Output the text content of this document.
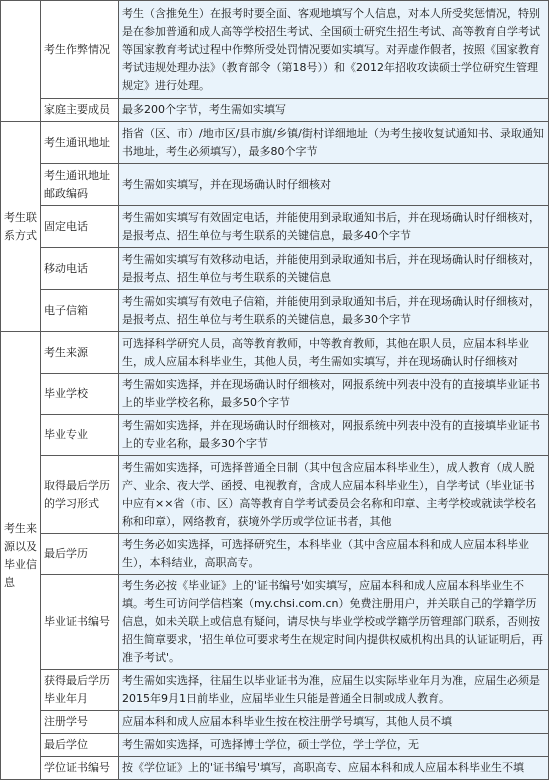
	考生作弊情况	考生（含推免生）在报考时要全面、客观地填写个人信息，对本人所受奖惩情况，特别是在参加普通和成人高等学校招生考试、全国硕士研究生招生考试、高等教育自学考试等国家教育考试过程中作弊所受处罚情况要如实填写。对弄虚作假者，按照《国家教育考试违规处理办法》（教育部令（第18号））和《2012年招收攻读硕士学位研究生管理规定》进行处理。
	家庭主要成员	最多200个字节，考生需如实填写
考生联系方式	考生通讯地址	指省（区、市）/地市区/县市旗/乡镇/街村详细地址（为考生接收复试通知书、录取通知书地址，考生必须填写），最多80个字节
	考生通讯地址邮政编码	考生需如实填写，并在现场确认时仔细核对
	固定电话	考生需如实填写有效固定电话，并能使用到录取通知书后，并在现场确认时仔细核对，是报考点、招生单位与考生联系的关键信息，最多40个字节
	移动电话	考生需如实填写有效移动电话，并能使用到录取通知书后，并在现场确认时仔细核对，是报考点、招生单位与考生联系的关键信息
	电子信箱	考生需如实填写有效电子信箱，并能使用到录取通知书后，并在现场确认时仔细核对，是报考点、招生单位与考生联系的关键信息，最多30个字节
考生来源以及毕业信息	考生来源	可选择科学研究人员，高等教育教师，中等教育教师，其他在职人员，应届本科毕业生，成人应届本科毕业生，其他人员，考生需如实填写，并在现场确认时仔细核对
	毕业学校	考生需如实选择，并在现场确认时仔细核对，网报系统中列表中没有的直接填毕业证书上的毕业学校名称，最多50个字节
	毕业专业	考生需如实选择，并在现场确认时仔细核对，网报系统中列表中没有的直接填毕业证书上的专业名称，最多30个字节
	取得最后学历的学习形式	考生需如实选择，可选择普通全日制（其中包含应届本科毕业生），成人教育（成人脱产、业余、夜大学、函授、电视教育，含成人应届本科毕业生），自学考试（毕业证书中应有××省（市、区）高等教育自学考试委员会名称和印章、主考学校或就读学校名称和印章），网络教育，获境外学历或学位证书者，其他
	最后学历	考生务必如实选择，可选择研究生，本科毕业（其中含应届本科和成人应届本科毕业生），本科结业，高职高专。
	毕业证书编号	考生务必按《毕业证》上的'证书编号'如实填写，应届本科和成人应届本科毕业生不填。考生可访问学信档案（my.chsi.com.cn）免费注册用户，并关联自己的学籍学历信息，如未关联上或信息有疑问，请尽快与毕业学校或学籍学历管理部门联系，否则按招生简章要求，'招生单位可要求考生在规定时间内提供权威机构出具的认证证明后，再准予考试'。
	获得最后学历毕业年月	考生需如实选择，往届生以毕业证书为准，应届生以实际毕业年月为准，应届生必须是2015年9月1日前毕业，应届毕业生只能是普通全日制或成人教育。
	注册学号	应届本科和成人应届本科毕业生按在校注册学号填写，其他人员不填
	最后学位	考生需如实选择，可选择博士学位，硕士学位，学士学位，无
	学位证书编号	按《学位证》上的'证书编号'填写，高职高专、应届本科和成人应届本科毕业生不填
